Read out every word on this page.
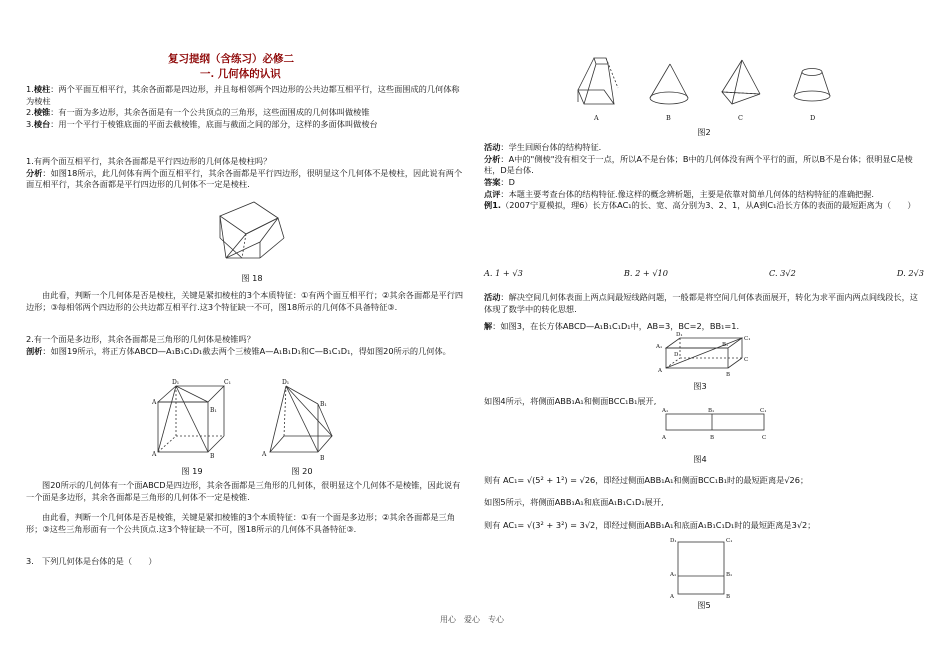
复习提纲（含练习）必修二
一. 几何体的认识

1.棱柱：两个平面互相平行，其余各面都是四边形，并且每相邻两个四边形的公共边都互相平行，这些面围成的几何体称为棱柱

2.棱锥：有一面为多边形，其余各面是有一个公共顶点的三角形，这些面围成的几何体叫做棱锥

3.棱台：用一个平行于棱锥底面的平面去截棱锥，底面与截面之间的部分，这样的多面体叫做棱台

1.有两个面互相平行，其余各面都是平行四边形的几何体是棱柱吗？

分析：如图18所示，此几何体有两个面互相平行，其余各面都是平行四边形，很明显这个几何体不是棱柱，因此说有两个面互相平行，其余各面都是平行四边形的几何体不一定是棱柱.

图 18
由此看，判断一个几何体是否是棱柱，关键是紧扣棱柱的3个本质特征：①有两个面互相平行；②其余各面都是平行四边形；③每相邻两个四边形的公共边都互相平行.这3个特征缺一不可，图18所示的几何体不具备特征③.

2.有一个面是多边形，其余各面都是三角形的几何体是棱锥吗？

剖析：如图19所示，将正方体ABCD—A₁B₁C₁D₁截去两个三棱锥A—A₁B₁D₁和C—B₁C₁D₁，得如图20所示的几何体。

D₁	C₁
A
B₁
A	B
图 19
D₁
B₁
A
B
图 20
图20所示的几何体有一个面ABCD是四边形，其余各面都是三角形的几何体，很明显这个几何体不是棱锥，因此说有一个面是多边形，其余各面都是三角形的几何体不一定是棱锥.
由此看，判断一个几何体是否是棱锥，关键是紧扣棱锥的3个本质特征：①有一个面是多边形；②其余各面都是三角形；③这些三角形面有一个公共顶点.这3个特征缺一不可，图18所示的几何体不具备特征③.
3.　下列几何体是台体的是（　　）
A	B	C	D
图2

活动：学生回顾台体的结构特征.

分析：A中的"侧棱"没有相交于一点，所以A不是台体；B中的几何体没有两个平行的面，所以B不是台体；很明显C是棱柱，D是台体.

答案：D

点评：本题主要考查台体的结构特征.像这样的概念辨析题，主要是依靠对简单几何体的结构特征的准确把握.

例1.（2007宁夏模拟，理6）长方体AC₁的长、宽、高分别为3、2、1，从A到C₁沿长方体的表面的最短距离为（　　）

A. 1 + √3	B. 2 + √10	C. 3√2	D. 2√3
活动：解决空间几何体表面上两点间最短线路问题，一般都是将空间几何体表面展开，转化为求平面内两点间线段长，这体现了数学中的转化思想.
解：如图3，在长方体ABCD—A₁B₁C₁D₁中，AB=3，BC=2，BB₁=1.
A
B
C
D
A₁	B₁
C₁
D₁
图3
如图4所示，将侧面ABB₁A₁和侧面BCC₁B₁展开,
A₁	B₁	C₁
A	B	C
图4
则有 AC₁= √(5² + 1²) = √26，即经过侧面ABB₁A₁和侧面BCC₁B₁时的最短距离是√26；
如图5所示，将侧面ABB₁A₁和底面A₁B₁C₁D₁展开,
则有 AC₁= √(3² + 3²) = 3√2，即经过侧面ABB₁A₁和底面A₁B₁C₁D₁时的最短距离是3√2；
D₁	C₁
A₁	B₁
A	B
图5
用心　爱心　专心
